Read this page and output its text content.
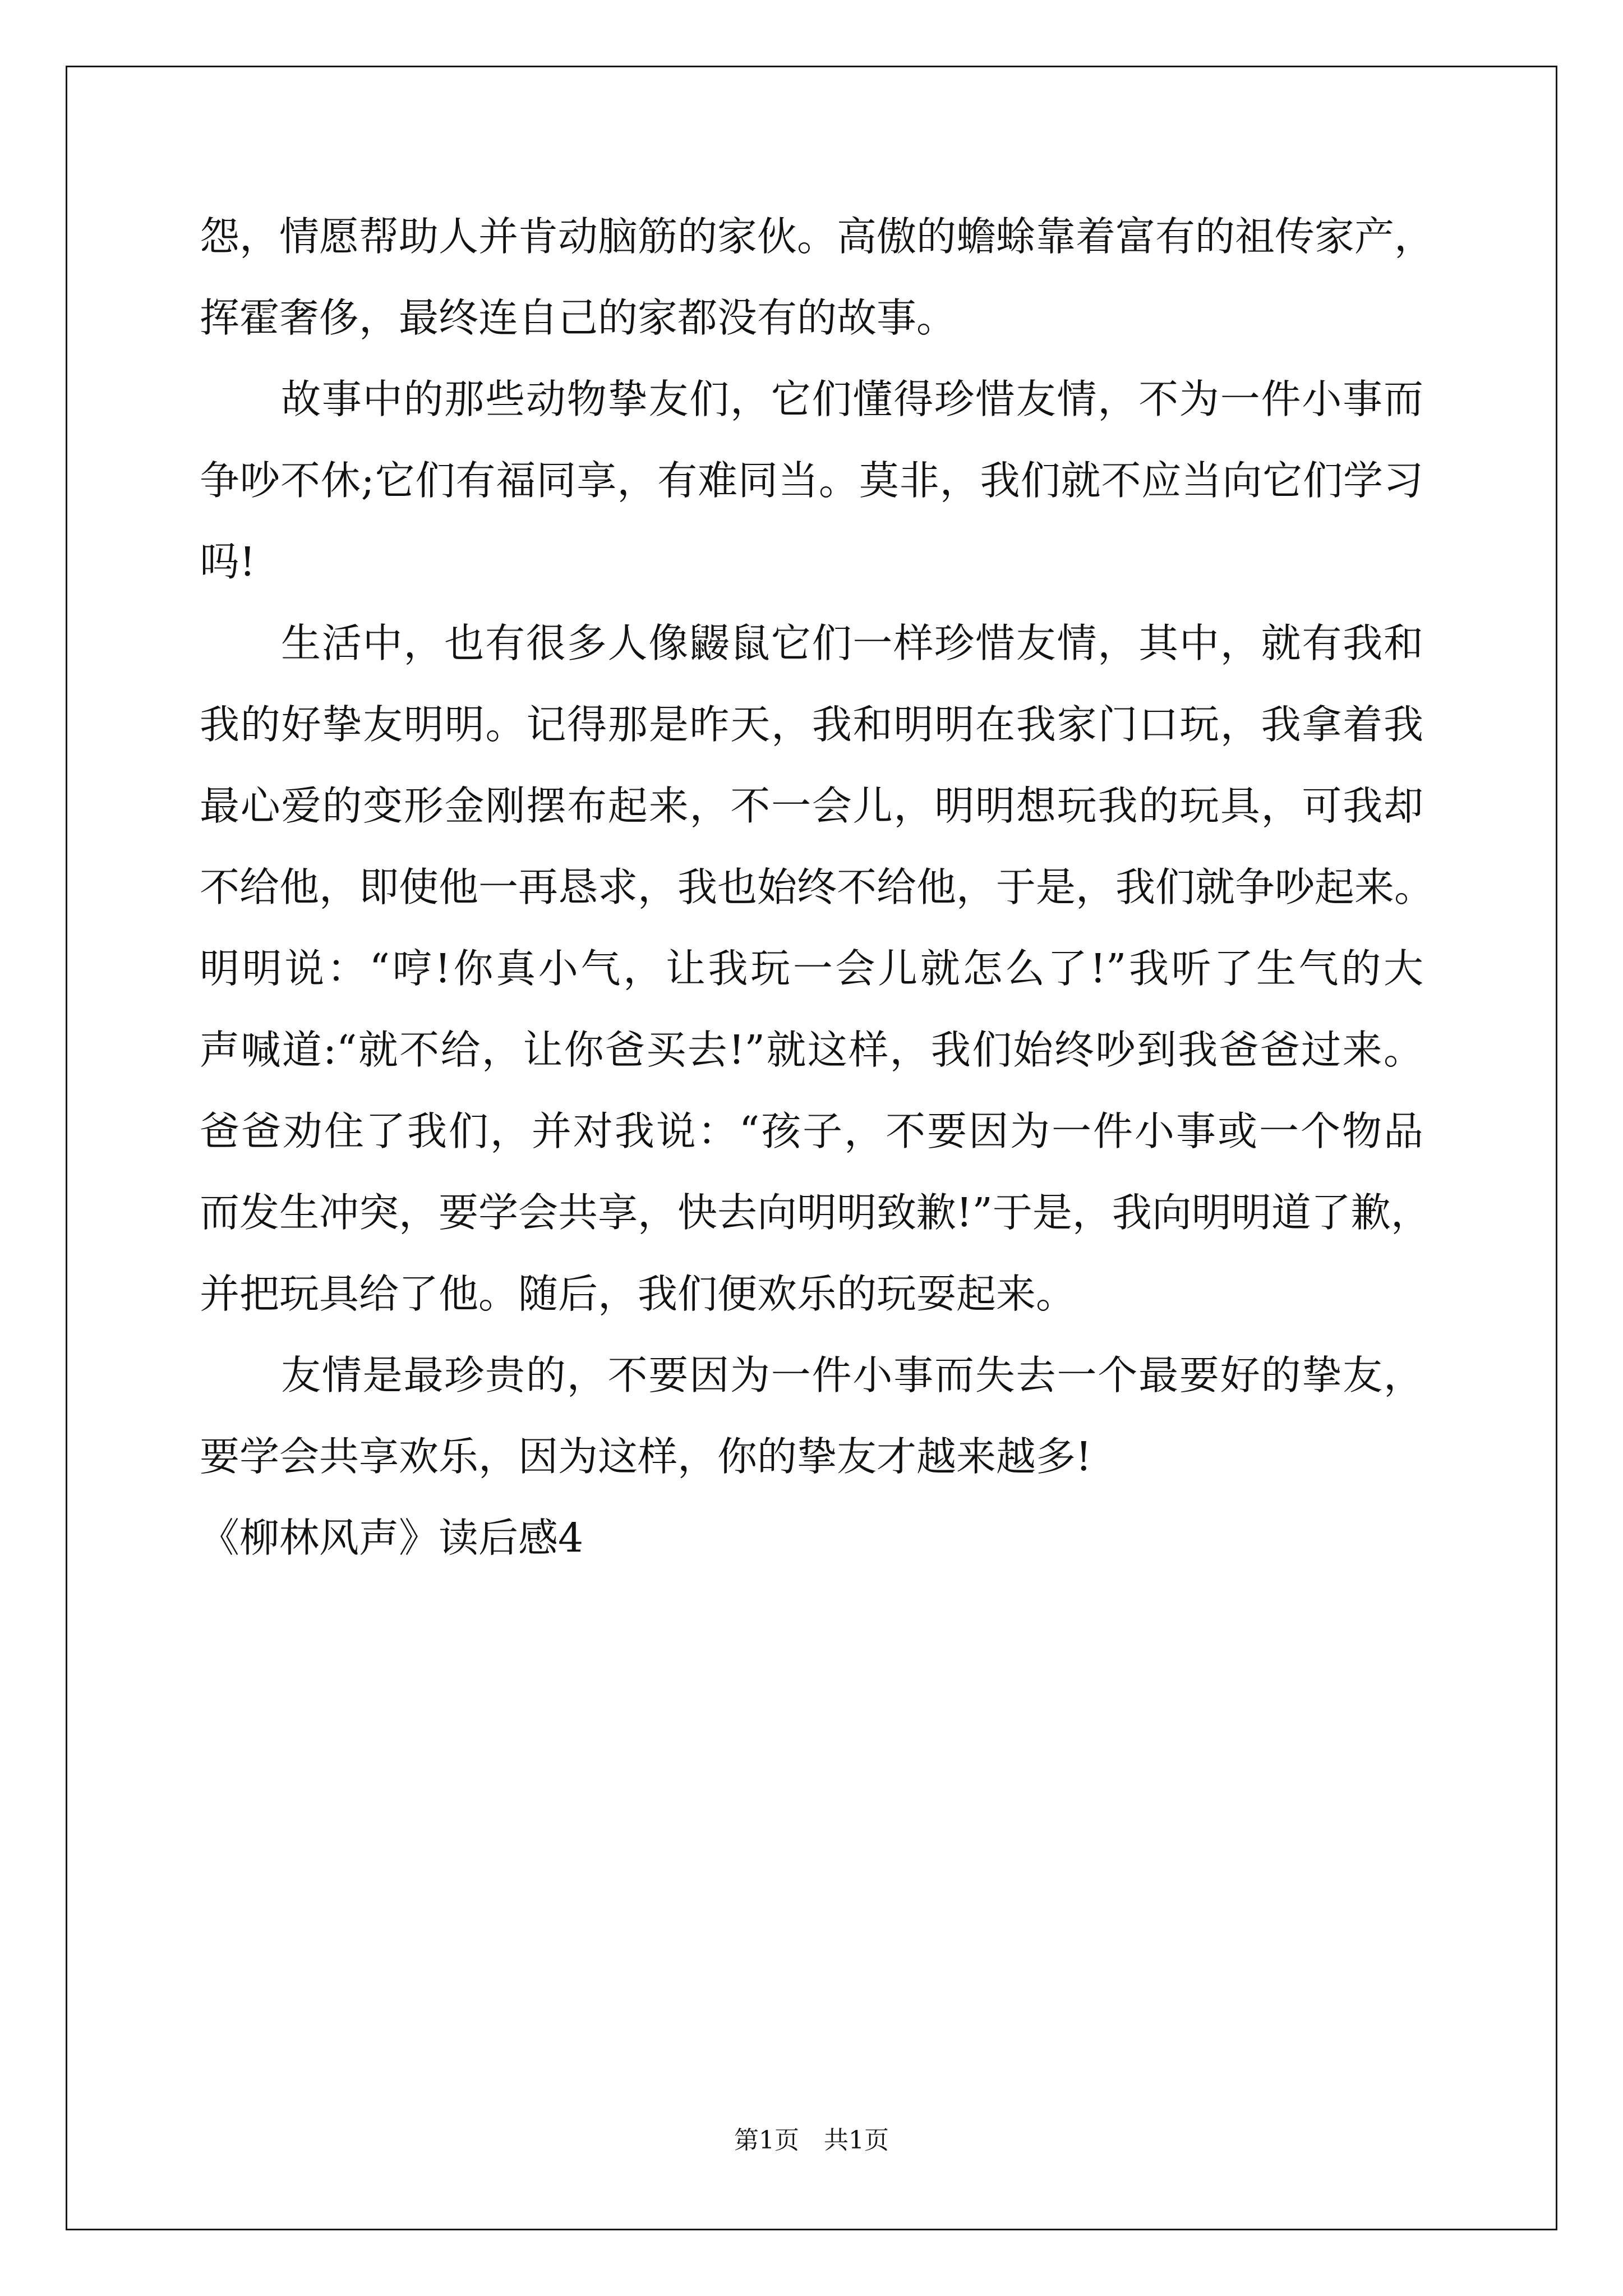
怨，情愿帮助人并肯动脑筋的家伙。高傲的蟾蜍靠着富有的祖传家产，
挥霍奢侈，最终连自己的家都没有的故事。
故事中的那些动物挚友们，它们懂得珍惜友情，不为一件小事而
争吵不休;它们有福同享，有难同当。莫非，我们就不应当向它们学习
吗!
生活中，也有很多人像鼹鼠它们一样珍惜友情，其中，就有我和
我的好挚友明明。记得那是昨天，我和明明在我家门口玩，我拿着我
最心爱的变形金刚摆布起来，不一会儿，明明想玩我的玩具，可我却
不给他，即使他一再恳求，我也始终不给他，于是，我们就争吵起来。
明明说：“哼!你真小气，让我玩一会儿就怎么了!”我听了生气的大
声喊道:“就不给，让你爸买去!”就这样，我们始终吵到我爸爸过来。
爸爸劝住了我们，并对我说：“孩子，不要因为一件小事或一个物品
而发生冲突，要学会共享，快去向明明致歉!”于是，我向明明道了歉，
并把玩具给了他。随后，我们便欢乐的玩耍起来。
友情是最珍贵的，不要因为一件小事而失去一个最要好的挚友，
要学会共享欢乐，因为这样，你的挚友才越来越多!
《柳林风声》读后感4
第1页　共1页
